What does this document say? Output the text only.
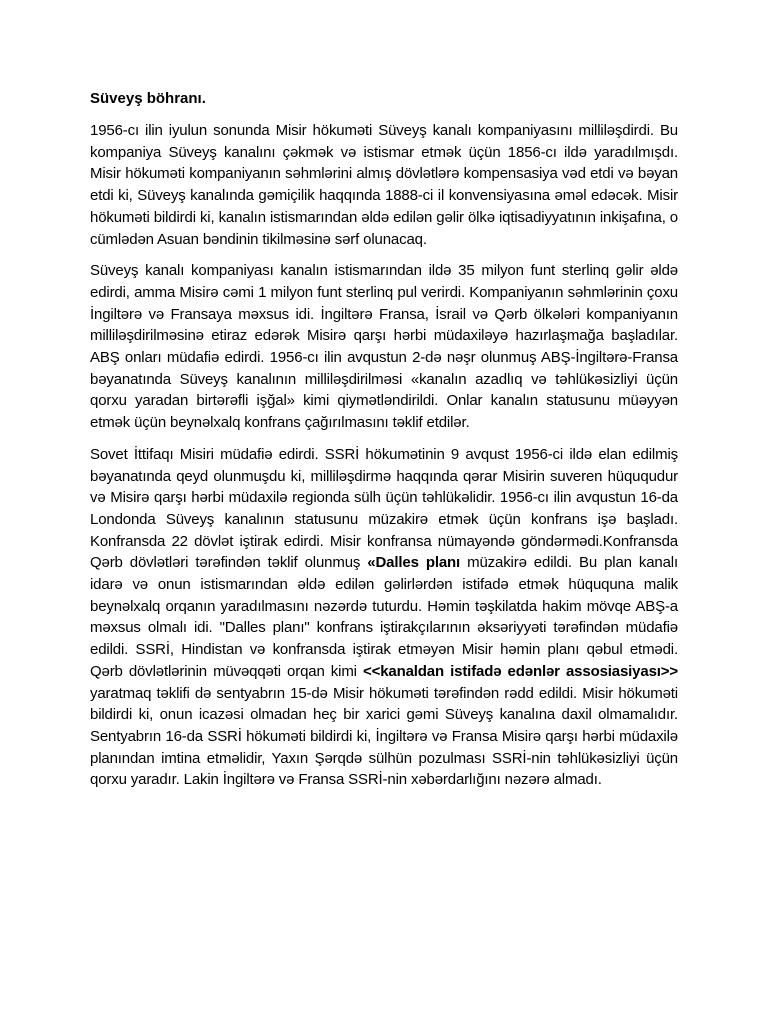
Süveyş böhranı.

1956-cı ilin iyulun sonunda Misir hökuməti Süveyş kanalı kompaniyasını milliləşdirdi. Bu kompaniya Süveyş kanalını çəkmək və istismar etmək üçün 1856-cı ildə yaradılmışdı. Misir hökuməti kompaniyanın səhmlərini almış dövlətlərə kompensasiya vəd etdi və bəyan etdi ki, Süveyş kanalında gəmiçilik haqqında 1888-ci il konvensiyasına əməl edəcək. Misir hökuməti bildirdi ki, kanalın istismarından əldə edilən gəlir ölkə iqtisadiyyatının inkişafına, o cümlədən Asuan bəndinin tikilməsinə sərf olunacaq.

Süveyş kanalı kompaniyası kanalın istismarından ildə 35 milyon funt sterlinq gəlir əldə edirdi, amma Misirə cəmi 1 milyon funt sterlinq pul verirdi. Kompaniyanın səhmlərinin çoxu İngiltərə və Fransaya məxsus idi. İngiltərə Fransa, İsrail və Qərb ölkələri kompaniyanın milliləşdirilməsinə etiraz edərək Misirə qarşı hərbi müdaxiləyə hazırlaşmağa başladılar. ABŞ onları müdafiə edirdi. 1956-cı ilin avqustun 2-də nəşr olunmuş ABŞ-İngiltərə-Fransa bəyanatında Süveyş kanalının milliləşdirilməsi «kanalın azadlıq və təhlükəsizliyi üçün qorxu yaradan birtərəfli işğal» kimi qiymətləndirildi. Onlar kanalın statusunu müəyyən etmək üçün beynəlxalq konfrans çağırılmasını təklif etdilər.

Sovet İttifaqı Misiri müdafiə edirdi. SSRİ hökumətinin 9 avqust 1956-ci ildə elan edilmiş bəyanatında qeyd olunmuşdu ki, milliləşdirmə haqqında qərar Misirin suveren hüququdur və Misirə qarşı hərbi müdaxilə regionda sülh üçün təhlükəlidir. 1956-cı ilin avqustun 16-da Londonda Süveyş kanalının statusunu müzakirə etmək üçün konfrans işə başladı. Konfransda 22 dövlət iştirak edirdi. Misir konfransa nümayəndə göndərmədi.Konfransda Qərb dövlətləri tərəfindən təklif olunmuş «Dalles planı müzakirə edildi. Bu plan kanalı idarə və onun istismarından əldə edilən gəlirlərdən istifadə etmək hüququna malik beynəlxalq orqanın yaradılmasını nəzərdə tuturdu. Həmin təşkilatda hakim mövqe ABŞ-a məxsus olmalı idi. "Dalles planı" konfrans iştirakçılarının əksəriyyəti tərəfindən müdafiə edildi. SSRİ, Hindistan və konfransda iştirak etməyən Misir həmin planı qəbul etmədi. Qərb dövlətlərinin müvəqqəti orqan kimi <<kanaldan istifadə edənlər assosiasiyası>> yaratmaq təklifi də sentyabrın 15-də Misir hökuməti tərəfindən rədd edildi. Misir hökuməti bildirdi ki, onun icazəsi olmadan heç bir xarici gəmi Süveyş kanalına daxil olmamalıdır. Sentyabrın 16-da SSRİ hökuməti bildirdi ki, İngiltərə və Fransa Misirə qarşı hərbi müdaxilə planından imtina etməlidir, Yaxın Şərqdə sülhün pozulması SSRİ-nin təhlükəsizliyi üçün qorxu yaradır. Lakin İngiltərə və Fransa SSRİ-nin xəbərdarlığını nəzərə almadı.
